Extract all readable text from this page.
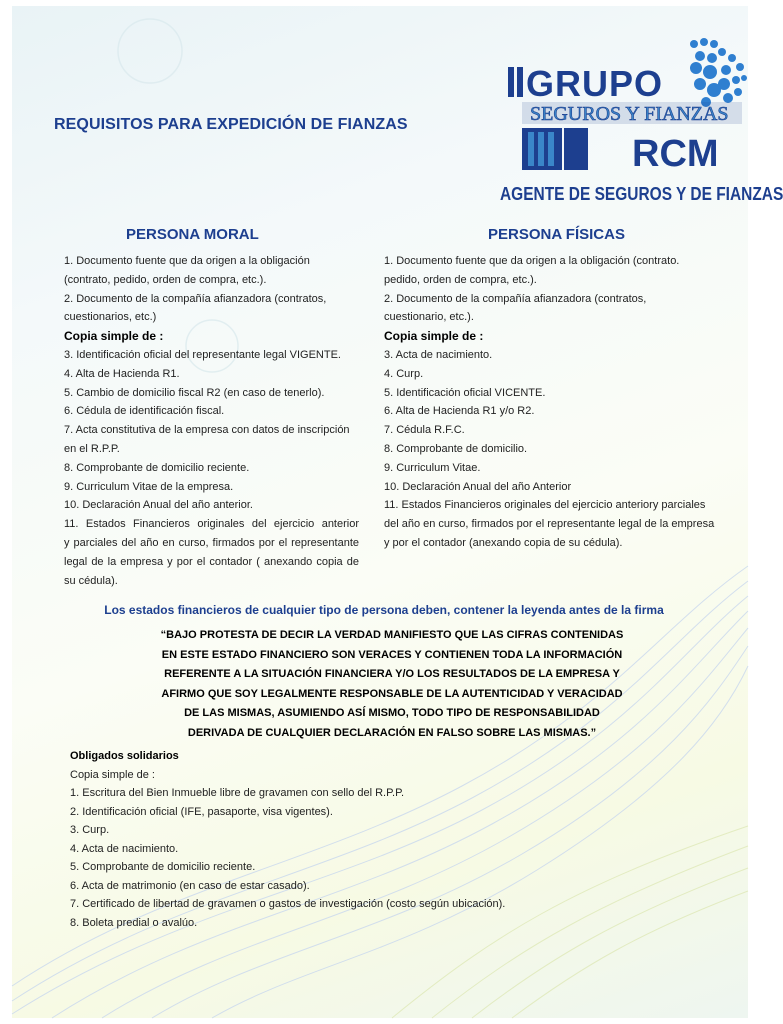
REQUISITOS PARA EXPEDICIÓN DE FIANZAS
GRUPO
SEGUROS Y FIANZAS
RCM
AGENTE DE SEGUROS Y DE FIANZAS
PERSONA MORAL	PERSONA FÍSICAS
1. Documento fuente que da origen a la obligación
(contrato, pedido, orden de compra, etc.).
2. Documento de la compañía afianzadora (contratos,
cuestionarios, etc.)
Copia simple de :
3. Identificación oficial del representante legal VIGENTE.
4. Alta de Hacienda R1.
5. Cambio de domicilio fiscal R2 (en caso de tenerlo).
6. Cédula de identificación fiscal.
7. Acta constitutiva de la empresa con datos de inscripción
en el R.P.P.
8. Comprobante de domicilio reciente.
9. Curriculum Vitae de la empresa.
10. Declaración Anual del año anterior.
11. Estados Financieros originales del ejercicio anterior
y parciales del año en curso, firmados por el representante
legal de la empresa y por el contador ( anexando copia de
su cédula).
1. Documento fuente que da origen a la obligación (contrato.
pedido, orden de compra, etc.).
2. Documento de la compañía afianzadora (contratos,
cuestionario, etc.).
Copia simple de :
3. Acta de nacimiento.
4. Curp.
5. Identificación oficial VICENTE.
6. Alta de Hacienda R1 y/o R2.
7. Cédula R.F.C.
8. Comprobante de domicilio.
9. Curriculum Vitae.
10. Declaración Anual del año Anterior
11. Estados Financieros originales del ejercicio anteriory parciales
del año en curso, firmados por el representante legal de la empresa
y por el contador (anexando copia de su cédula).
Los estados financieros de cualquier tipo de persona deben, contener la leyenda antes de la firma
“BAJO PROTESTA DE DECIR LA VERDAD MANIFIESTO QUE LAS CIFRAS CONTENIDAS
EN ESTE ESTADO FINANCIERO SON VERACES Y CONTIENEN TODA LA INFORMACIÓN
REFERENTE A LA SITUACIÓN FINANCIERA Y/O LOS RESULTADOS DE LA EMPRESA Y
AFIRMO QUE SOY LEGALMENTE RESPONSABLE DE LA AUTENTICIDAD Y VERACIDAD
DE LAS MISMAS, ASUMIENDO ASÍ MISMO, TODO TIPO DE RESPONSABILIDAD
DERIVADA DE CUALQUIER DECLARACIÓN EN FALSO SOBRE LAS MISMAS.”
Obligados solidarios
Copia simple de :
1. Escritura del Bien Inmueble libre de gravamen con sello del R.P.P.
2. Identificación oficial (IFE, pasaporte, visa vigentes).
3. Curp.
4. Acta de nacimiento.
5. Comprobante de domicilio reciente.
6. Acta de matrimonio (en caso de estar casado).
7. Certificado de libertad de gravamen o gastos de investigación (costo según ubicación).
8. Boleta predial o avalúo.
